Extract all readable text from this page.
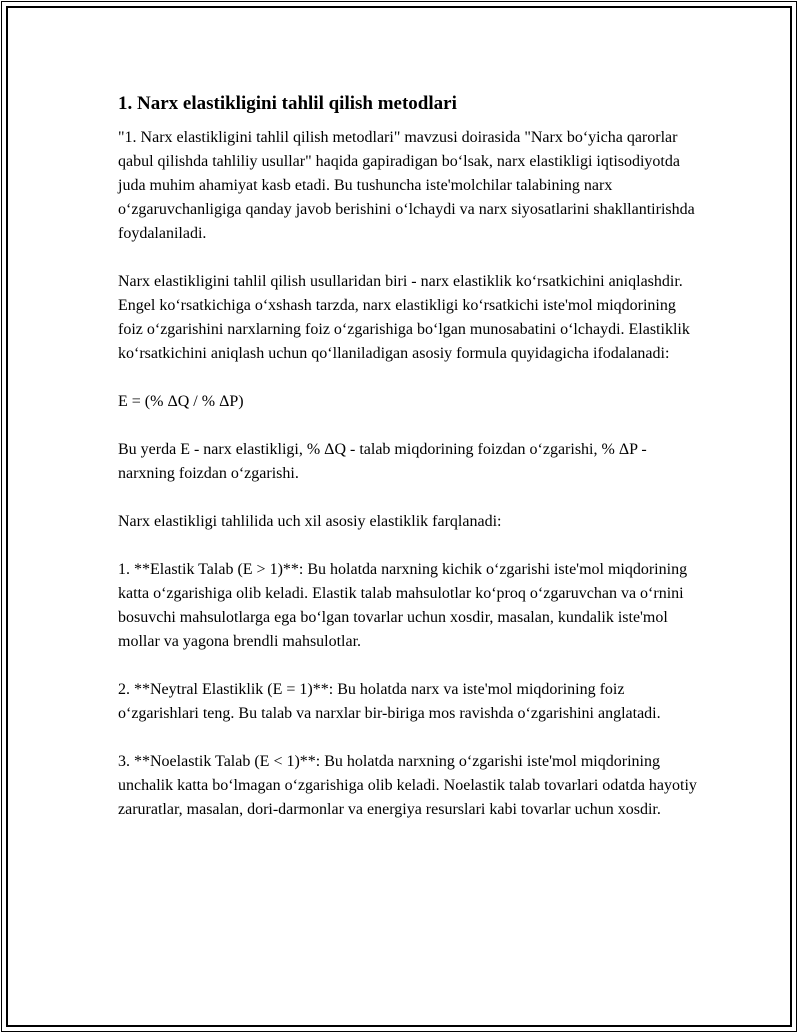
1. Narx elastikligini tahlil qilish metodlari

"1. Narx elastikligini tahlil qilish metodlari" mavzusi doirasida "Narx bo‘yicha qarorlar qabul qilishda tahliliy usullar" haqida gapiradigan bo‘lsak, narx elastikligi iqtisodiyotda juda muhim ahamiyat kasb etadi. Bu tushuncha iste'molchilar talabining narx o‘zgaruvchanligiga qanday javob berishini o‘lchaydi va narx siyosatlarini shakllantirishda foydalaniladi.

Narx elastikligini tahlil qilish usullaridan biri - narx elastiklik ko‘rsatkichini aniqlashdir. Engel ko‘rsatkichiga o‘xshash tarzda, narx elastikligi ko‘rsatkichi iste'mol miqdorining foiz o‘zgarishini narxlarning foiz o‘zgarishiga bo‘lgan munosabatini o‘lchaydi. Elastiklik ko‘rsatkichini aniqlash uchun qo‘llaniladigan asosiy formula quyidagicha ifodalanadi:

E = (% ΔQ / % ΔP)

Bu yerda E - narx elastikligi, % ΔQ - talab miqdorining foizdan o‘zgarishi, % ΔP - narxning foizdan o‘zgarishi.

Narx elastikligi tahlilida uch xil asosiy elastiklik farqlanadi:

1. **Elastik Talab (E > 1)**: Bu holatda narxning kichik o‘zgarishi iste'mol miqdorining katta o‘zgarishiga olib keladi. Elastik talab mahsulotlar ko‘proq o‘zgaruvchan va o‘rnini bosuvchi mahsulotlarga ega bo‘lgan tovarlar uchun xosdir, masalan, kundalik iste'mol mollar va yagona brendli mahsulotlar.

2. **Neytral Elastiklik (E = 1)**: Bu holatda narx va iste'mol miqdorining foiz o‘zgarishlari teng. Bu talab va narxlar bir-biriga mos ravishda o‘zgarishini anglatadi.

3. **Noelastik Talab (E < 1)**: Bu holatda narxning o‘zgarishi iste'mol miqdorining unchalik katta bo‘lmagan o‘zgarishiga olib keladi. Noelastik talab tovarlari odatda hayotiy zaruratlar, masalan, dori-darmonlar va energiya resurslari kabi tovarlar uchun xosdir.
